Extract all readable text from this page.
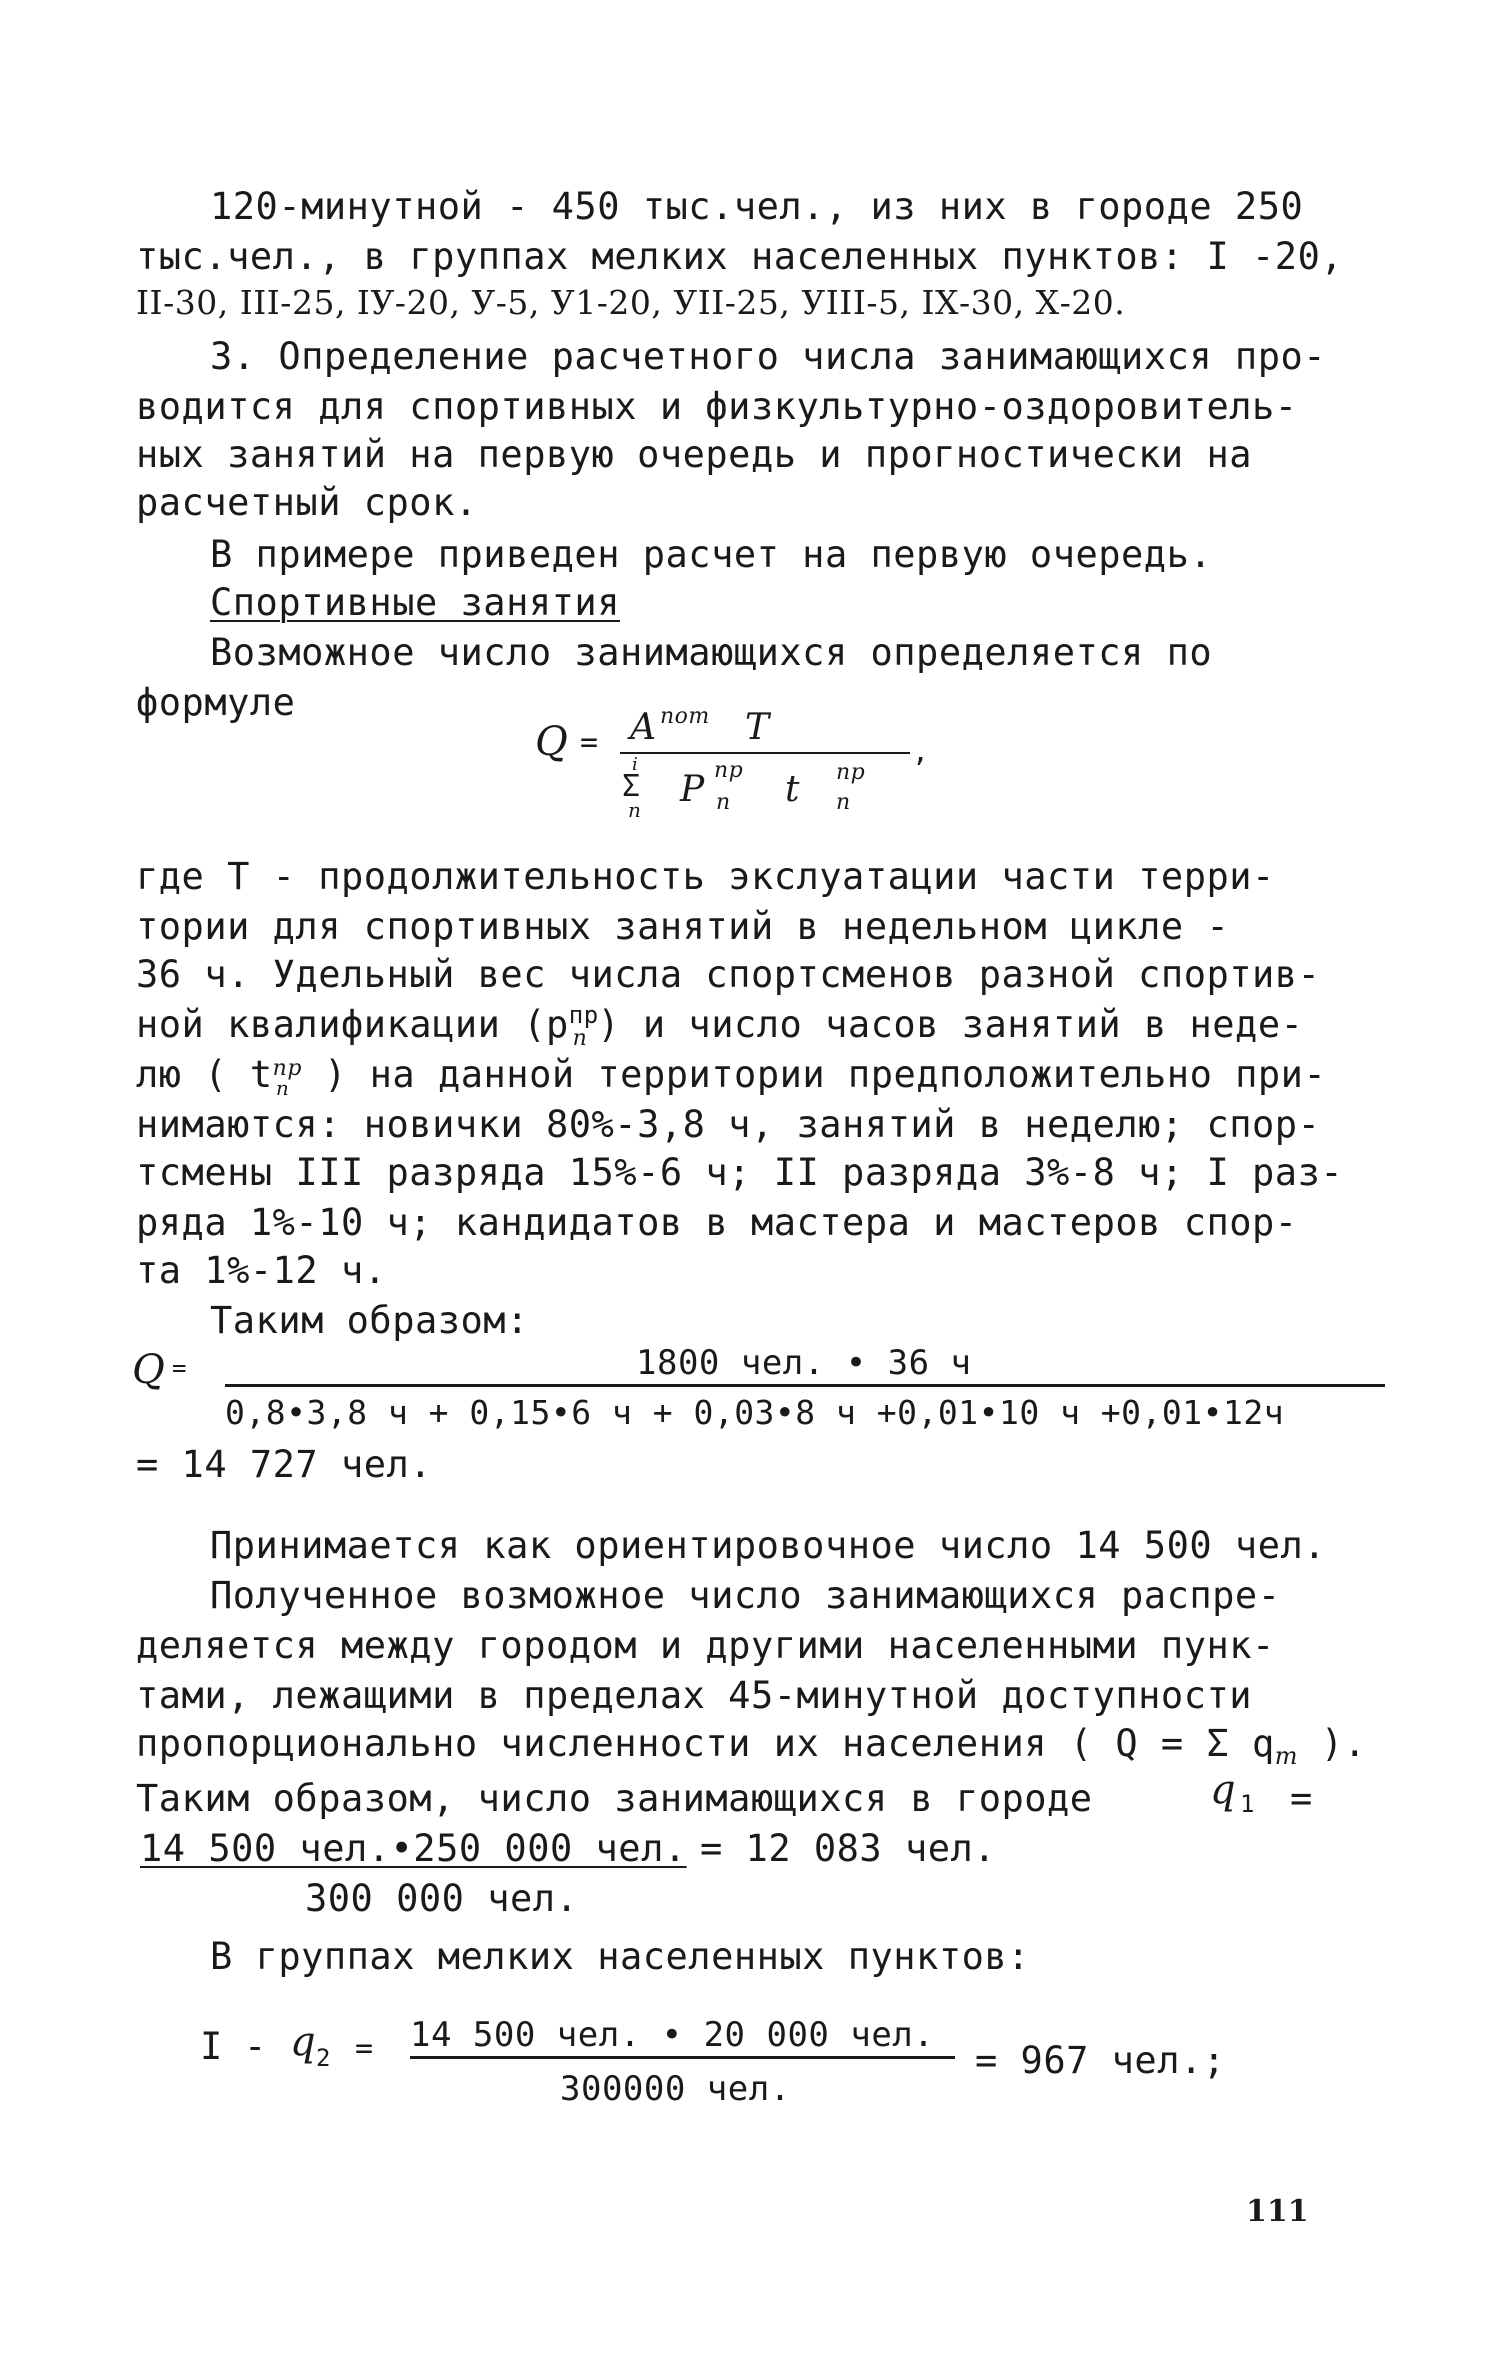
120-минутной - 450 тыс.чел., из них в городе 250
тыс.чел., в группах мелких населенных пунктов: I -20,
II-30, III-25, IУ-20, У-5, У1-20, УII-25, УIII-5, IХ-30, Х-20.
3. Определение расчетного числа занимающихся про-
водится для спортивных и физкультурно-оздоровитель-
ных занятий на первую очередь и прогностически на
расчетный срок.
В примере приведен расчет на первую очередь.
Спортивные занятия
Возможное число занимающихся определяется по
формуле
Q = A пот T
,
i
Σ
n P пр
n t пр
n
где T - продолжительность экслуатации части терри-
тории для спортивных занятий в недельном цикле -
36 ч. Удельный вес числа спортсменов разной спортив-
ной квалификации ($p^{пр}_n$ ) и число часов занятий в неде-
лю ( $t^{пр}_n$ ) на данной территории предположительно при-
нимаются: новички 80%-3,8 ч, занятий в неделю; спор-
тсмены III разряда 15%-6 ч; II разряда 3%-8 ч; I раз-
ряда 1%-10 ч; кандидатов в мастера и мастеров спор-
та 1%-12 ч.
Таким образом:
Q =	1800 чел. • 36 ч
0,8•3,8 ч + 0,15•6 ч + 0,03•8 ч +0,01•10 ч +0,01•12ч
= 14 727 чел.
Принимается как ориентировочное число 14 500 чел.
Полученное возможное число занимающихся распре-
деляется между городом и другими населенными пунк-
тами, лежащими в пределах 45-минутной доступности
пропорционально численности их населения ( Q = Σ $q_m$ ).
Таким образом, число занимающихся в городе	q 1 =
14 500 чел.•250 000 чел. = 12 083 чел.
300 000 чел.
В группах мелких населенных пунктов:
I - q 2 = 14 500 чел. • 20 000 чел.
300000 чел.
= 967 чел.;
111
